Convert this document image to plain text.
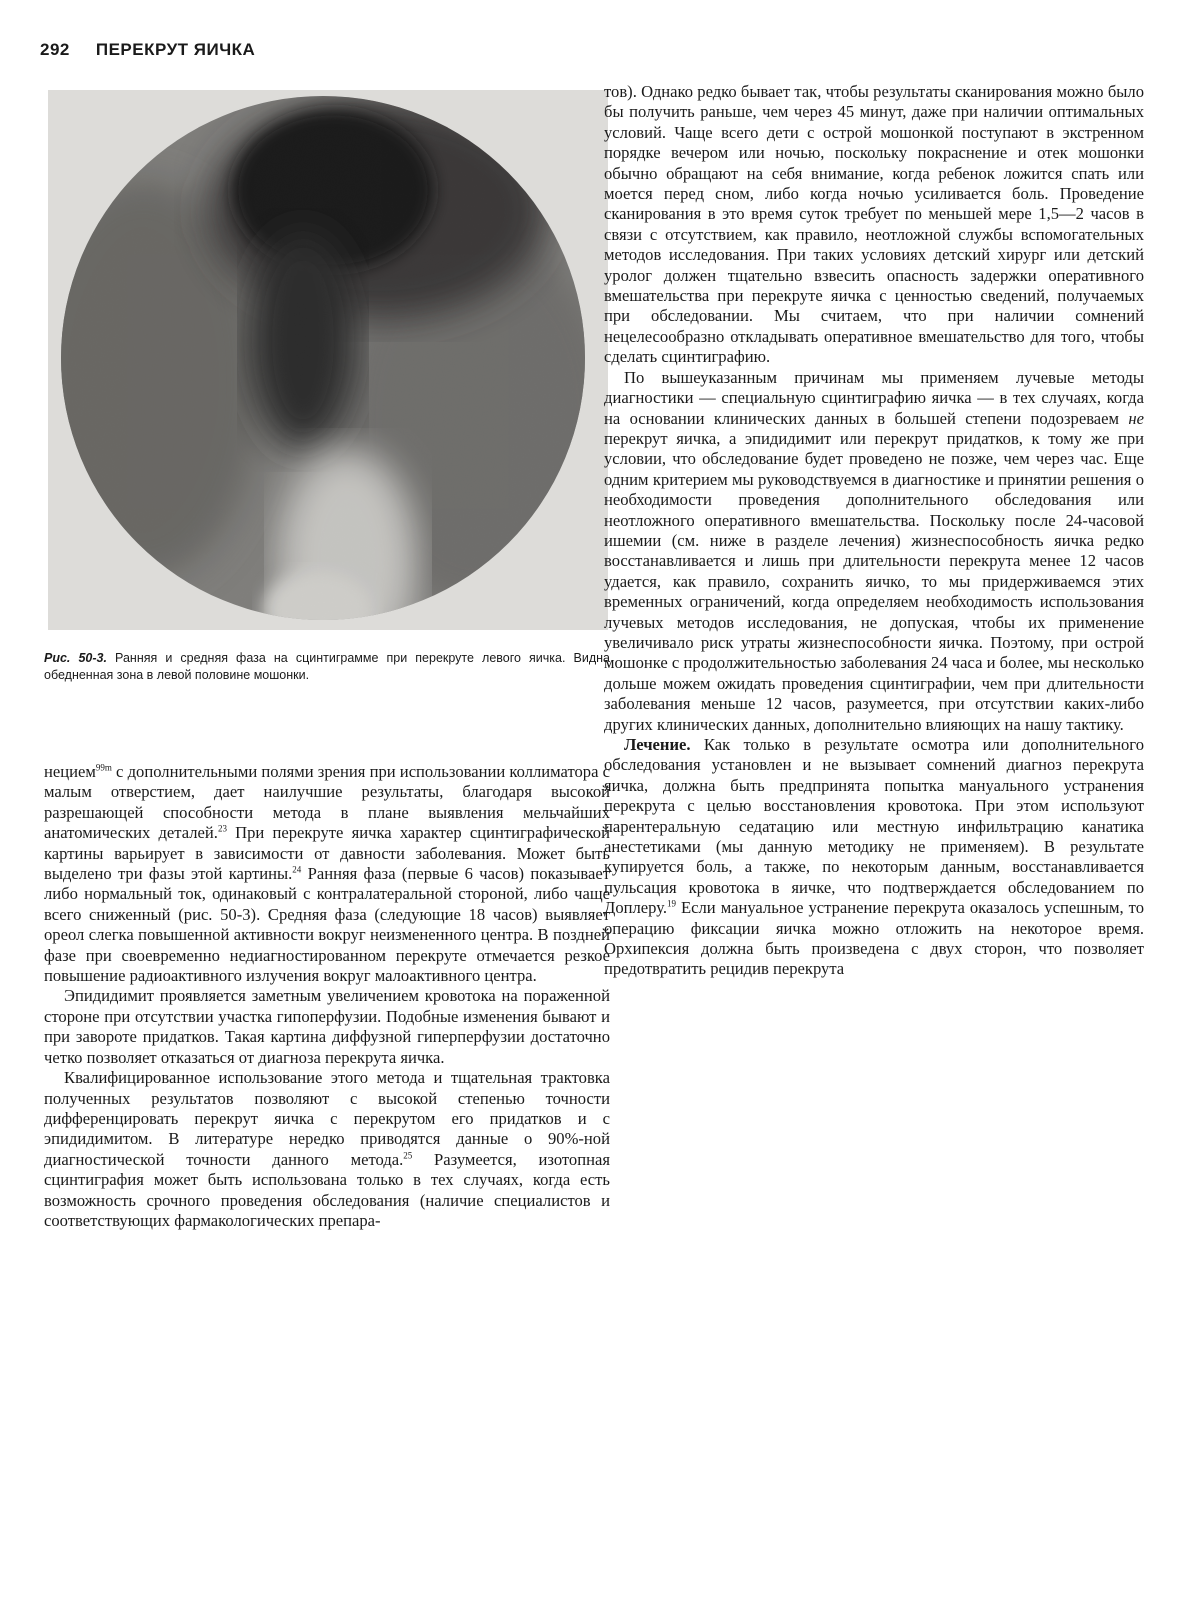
292 ПЕРЕКРУТ ЯИЧКА
Рис. 50-3. Ранняя и средняя фаза на сцинтиграмме при перекруте левого яичка. Видна обедненная зона в левой половине мошонки.

нецием$^{99m}$ с дополнительными полями зрения при использовании коллиматора с малым отверстием, дает наилучшие результаты, благодаря высокой разрешающей способности метода в плане выявления мельчайших анатомических деталей.$^{23}$ При перекруте яичка характер сцинтиграфической картины варьирует в зависимости от давности заболевания. Может быть выделено три фазы этой картины.$^{24}$ Ранняя фаза (первые 6 часов) показывает либо нормальный ток, одинаковый с контралатеральной стороной, либо чаще всего сниженный (рис. 50-3). Средняя фаза (следующие 18 часов) выявляет ореол слегка повышенной активности вокруг неизмененного центра. В поздней фазе при своевременно недиагностированном перекруте отмечается резкое повышение радиоактивного излучения вокруг малоактивного центра.

Эпидидимит проявляется заметным увеличением кровотока на пораженной стороне при отсутствии участка гипоперфузии. Подобные изменения бывают и при завороте придатков. Такая картина диффузной гиперперфузии достаточно четко позволяет отказаться от диагноза перекрута яичка.

Квалифицированное использование этого метода и тщательная трактовка полученных результатов позволяют с высокой степенью точности дифференцировать перекрут яичка с перекрутом его придатков и с эпидидимитом. В литературе нередко приводятся данные о 90%-ной диагностической точности данного метода.$^{25}$ Разумеется, изотопная сцинтиграфия может быть использована только в тех случаях, когда есть возможность срочного проведения обследования (наличие специалистов и соответствующих фармакологических препара-

тов). Однако редко бывает так, чтобы результаты сканирования можно было бы получить раньше, чем через 45 минут, даже при наличии оптимальных условий. Чаще всего дети с острой мошонкой поступают в экстренном порядке вечером или ночью, поскольку покраснение и отек мошонки обычно обращают на себя внимание, когда ребенок ложится спать или моется перед сном, либо когда ночью усиливается боль. Проведение сканирования в это время суток требует по меньшей мере 1,5—2 часов в связи с отсутствием, как правило, неотложной службы вспомогательных методов исследования. При таких условиях детский хирург или детский уролог должен тщательно взвесить опасность задержки оперативного вмешательства при перекруте яичка с ценностью сведений, получаемых при обследовании. Мы считаем, что при наличии сомнений нецелесообразно откладывать оперативное вмешательство для того, чтобы сделать сцинтиграфию.

По вышеуказанным причинам мы применяем лучевые методы диагностики — специальную сцинтиграфию яичка — в тех случаях, когда на основании клинических данных в большей степени подозреваем не перекрут яичка, а эпидидимит или перекрут придатков, к тому же при условии, что обследование будет проведено не позже, чем через час. Еще одним критерием мы руководствуемся в диагностике и принятии решения о необходимости проведения дополнительного обследования или неотложного оперативного вмешательства. Поскольку после 24-часовой ишемии (см. ниже в разделе лечения) жизнеспособность яичка редко восстанавливается и лишь при длительности перекрута менее 12 часов удается, как правило, сохранить яичко, то мы придерживаемся этих временных ограничений, когда определяем необходимость использования лучевых методов исследования, не допуская, чтобы их применение увеличивало риск утраты жизнеспособности яичка. Поэтому, при острой мошонке с продолжительностью заболевания 24 часа и более, мы несколько дольше можем ожидать проведения сцинтиграфии, чем при длительности заболевания меньше 12 часов, разумеется, при отсутствии каких-либо других клинических данных, дополнительно влияющих на нашу тактику.

Лечение. Как только в результате осмотра или дополнительного обследования установлен и не вызывает сомнений диагноз перекрута яичка, должна быть предпринята попытка мануального устранения перекрута с целью восстановления кровотока. При этом используют парентеральную седатацию или местную инфильтрацию канатика анестетиками (мы данную методику не применяем). В результате купируется боль, а также, по некоторым данным, восстанавливается пульсация кровотока в яичке, что подтверждается обследованием по Доплеру.$^{19}$ Если мануальное устранение перекрута оказалось успешным, то операцию фиксации яичка можно отложить на некоторое время. Орхипексия должна быть произведена с двух сторон, что позволяет предотвратить рецидив перекрута
